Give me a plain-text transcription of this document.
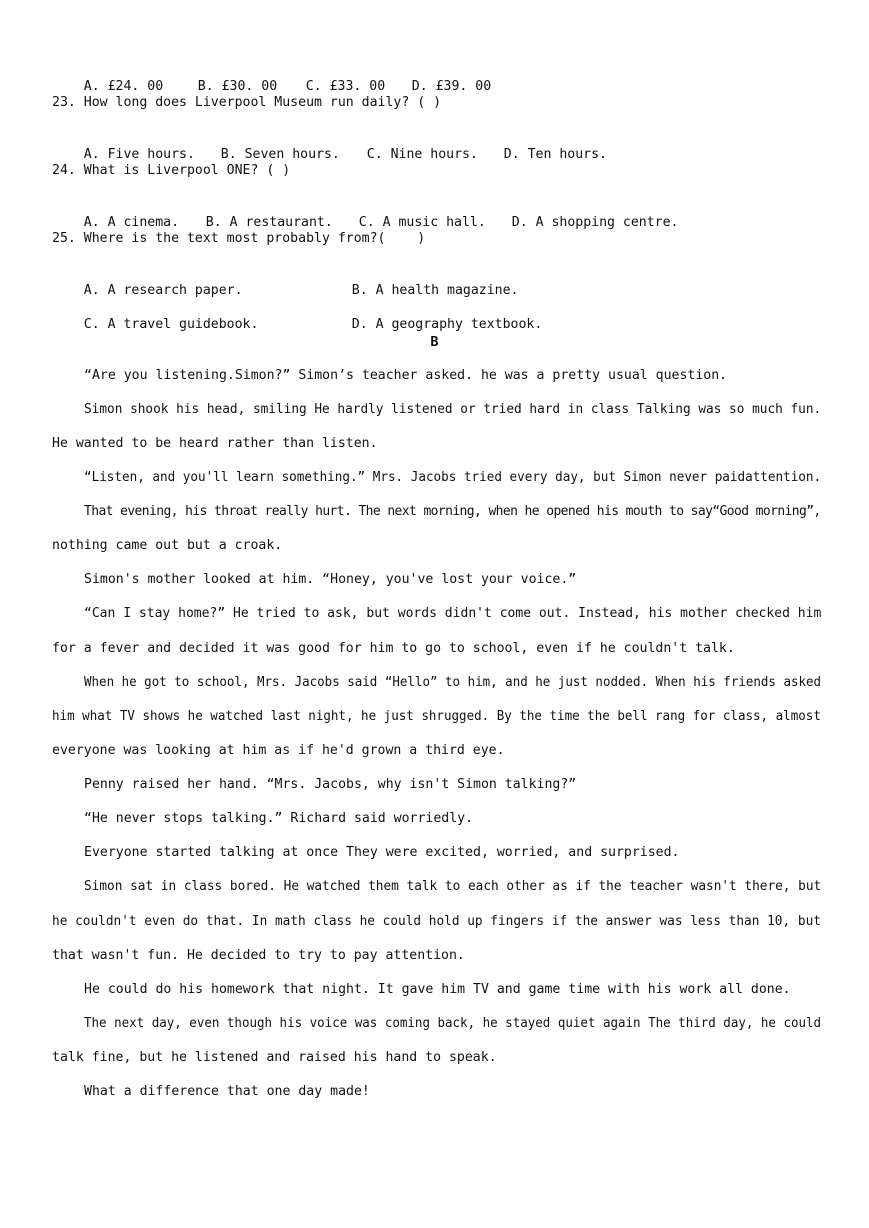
A. £24. 00	B. £30. 00 C. £33. 00 D. £39. 00

23. How long does Liverpool Museum run daily? ( )

A. Five hours. B. Seven hours. C. Nine hours. D. Ten hours.

24. What is Liverpool ONE? ( )

A. A cinema. B. A restaurant. C. A music hall. D. A shopping centre.

25. Where is the text most probably from?(    )

A. A research paper.	B. A health magazine.

C. A travel guidebook.	D. A geography textbook.

B
“Are you listening.Simon?” Simon’s teacher asked. he was a pretty usual question.
Simon shook his head, smiling He hardly listened or tried hard in class Talking was so much fun.
He wanted to be heard rather than listen.
“Listen, and you'll learn something.” Mrs. Jacobs tried every day, but Simon never paidattention.
That evening, his throat really hurt. The next morning, when he opened his mouth to say“Good morning”,
nothing came out but a croak.
Simon's mother looked at him. “Honey, you've lost your voice.”
“Can I stay home?” He tried to ask, but words didn't come out. Instead, his mother checked him
for a fever and decided it was good for him to go to school, even if he couldn't talk.
When he got to school, Mrs. Jacobs said “Hello” to him, and he just nodded. When his friends asked
him what TV shows he watched last night, he just shrugged. By the time the bell rang for class, almost
everyone was looking at him as if he'd grown a third eye.
Penny raised her hand. “Mrs. Jacobs, why isn't Simon talking?”
“He never stops talking.” Richard said worriedly.
Everyone started talking at once They were excited, worried, and surprised.
Simon sat in class bored. He watched them talk to each other as if the teacher wasn't there, but
he couldn't even do that. In math class he could hold up fingers if the answer was less than 10, but
that wasn't fun. He decided to try to pay attention.
He could do his homework that night. It gave him TV and game time with his work all done.
The next day, even though his voice was coming back, he stayed quiet again The third day, he could
talk fine, but he listened and raised his hand to speak.
What a difference that one day made!
